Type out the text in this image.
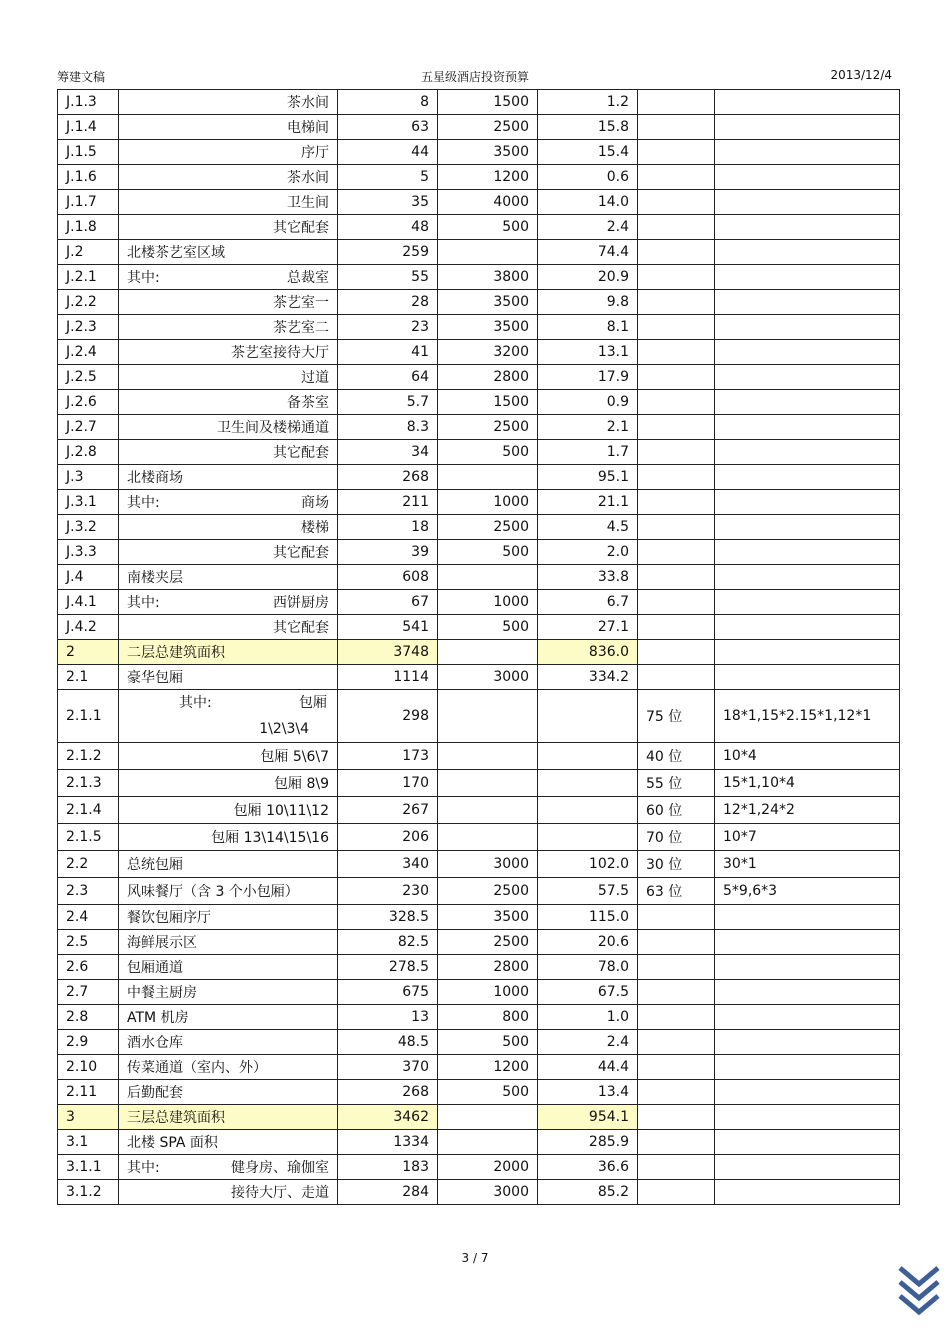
筹建文稿	五星级酒店投资预算	2013/12/4
J.1.3	茶水间	8	1500	1.2		
J.1.4	电梯间	63	2500	15.8		
J.1.5	序厅	44	3500	15.4		
J.1.6	茶水间	5	1200	0.6		
J.1.7	卫生间	35	4000	14.0		
J.1.8	其它配套	48	500	2.4		
J.2	北楼茶艺室区域	259		74.4		
J.2.1	其中: 总裁室	55	3800	20.9		
J.2.2	茶艺室一	28	3500	9.8		
J.2.3	茶艺室二	23	3500	8.1		
J.2.4	茶艺室接待大厅	41	3200	13.1		
J.2.5	过道	64	2800	17.9		
J.2.6	备茶室	5.7	1500	0.9		
J.2.7	卫生间及楼梯通道	8.3	2500	2.1		
J.2.8	其它配套	34	500	1.7		
J.3	北楼商场	268		95.1		
J.3.1	其中: 商场	211	1000	21.1		
J.3.2	楼梯	18	2500	4.5		
J.3.3	其它配套	39	500	2.0		
J.4	南楼夹层	608		33.8		
J.4.1	其中: 西饼厨房	67	1000	6.7		
J.4.2	其它配套	541	500	27.1		
2	二层总建筑面积	3748		836.0		
2.1	豪华包厢	1114	3000	334.2		
2.1.1	其中: 包厢
1\2\3\4	298			75 位	18*1,15*2.15*1,12*1
2.1.2	包厢 5\6\7	173			40 位	10*4
2.1.3	包厢 8\9	170			55 位	15*1,10*4
2.1.4	包厢 10\11\12	267			60 位	12*1,24*2
2.1.5	包厢 13\14\15\16	206			70 位	10*7
2.2	总统包厢	340	3000	102.0	30 位	30*1
2.3	风味餐厅（含 3 个小包厢）	230	2500	57.5	63 位	5*9,6*3
2.4	餐饮包厢序厅	328.5	3500	115.0		
2.5	海鲜展示区	82.5	2500	20.6		
2.6	包厢通道	278.5	2800	78.0		
2.7	中餐主厨房	675	1000	67.5		
2.8	ATM 机房	13	800	1.0		
2.9	酒水仓库	48.5	500	2.4		
2.10	传菜通道（室内、外）	370	1200	44.4		
2.11	后勤配套	268	500	13.4		
3	三层总建筑面积	3462		954.1		
3.1	北楼 SPA 面积	1334		285.9		
3.1.1	其中: 健身房、瑜伽室	183	2000	36.6		
3.1.2	接待大厅、走道	284	3000	85.2		
3 / 7
